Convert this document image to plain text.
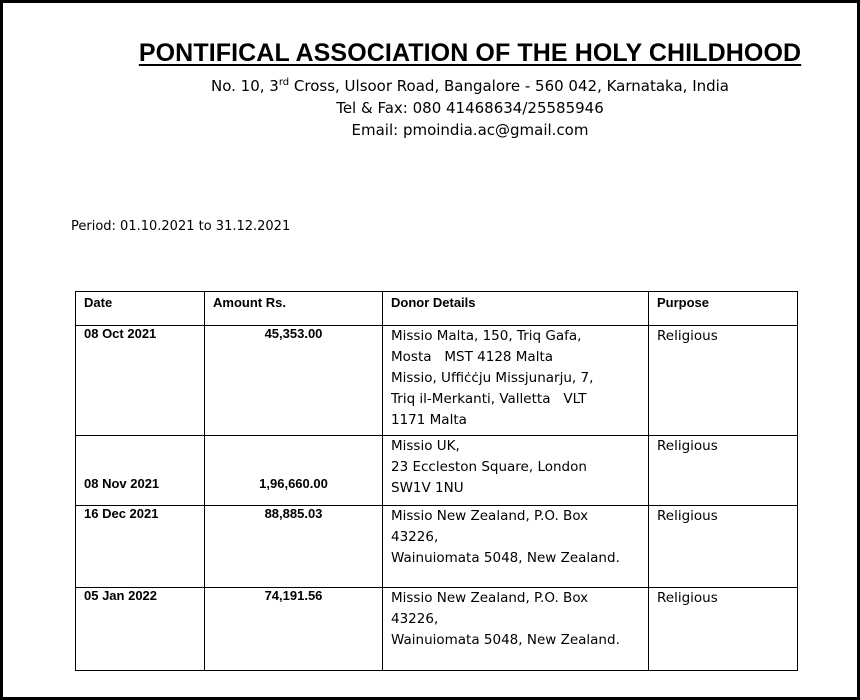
PONTIFICAL ASSOCIATION OF THE HOLY CHILDHOOD
No. 10, 3rd Cross, Ulsoor Road, Bangalore - 560 042, Karnataka, India
Tel & Fax: 080 41468634/25585946
Email: pmoindia.ac@gmail.com
Period: 01.10.2021 to 31.12.2021
Date	Amount Rs.	Donor Details	Purpose
08 Oct 2021	45,353.00	Missio Malta, 150, Triq Gafa,
Mosta   MST 4128 Malta
Missio, Uffiċċju Missjunarju, 7,
Triq il-Merkanti, Valletta   VLT
1171 Malta	Religious
08 Nov 2021	1,96,660.00	Missio UK,
23 Eccleston Square, London
SW1V 1NU	Religious
16 Dec 2021	88,885.03	Missio New Zealand, P.O. Box
43226,
Wainuiomata 5048, New Zealand.	Religious
05 Jan 2022	74,191.56	Missio New Zealand, P.O. Box
43226,
Wainuiomata 5048, New Zealand.	Religious
